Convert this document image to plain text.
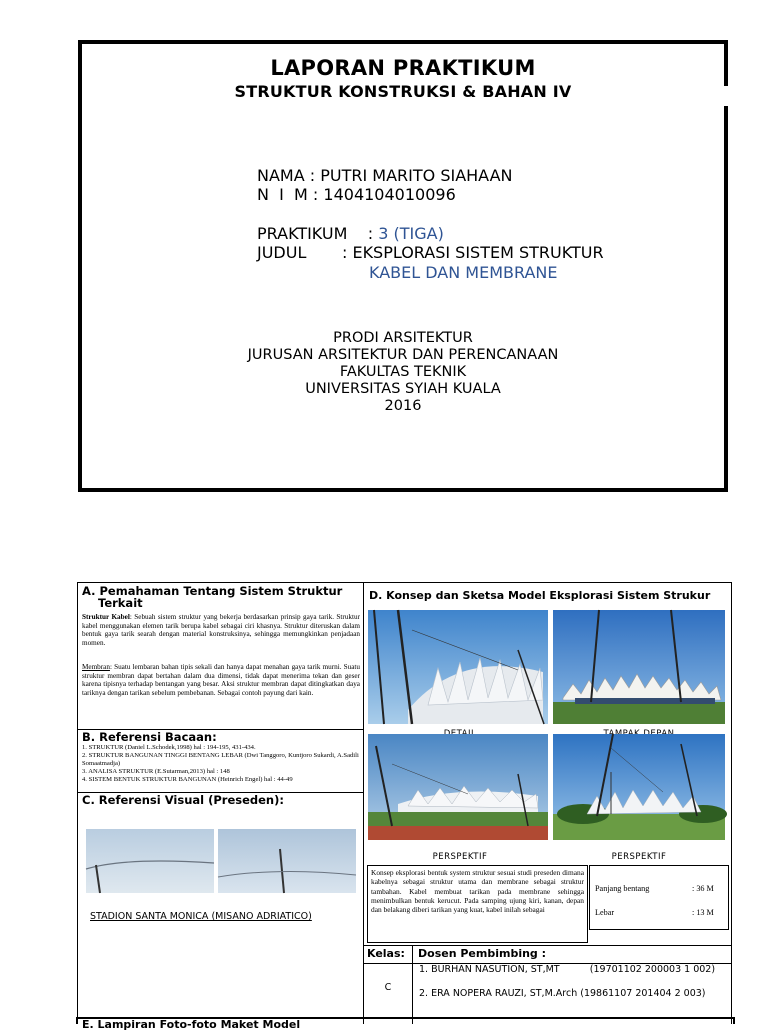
LAPORAN PRAKTIKUM
STRUKTUR KONSTRUKSI & BAHAN IV
NAMA : PUTRI MARITO SIAHAAN
N  I  M : 1404104010096
PRAKTIKUM    : 3 (TIGA)
JUDUL       : EKSPLORASI SISTEM STRUKTUR
KABEL DAN MEMBRANE
PRODI ARSITEKTUR
JURUSAN ARSITEKTUR DAN PERENCANAAN
FAKULTAS TEKNIK
UNIVERSITAS SYIAH KUALA
2016
A. Pemahaman Tentang Sistem Struktur
Terkait
Struktur Kabel: Sebuah sistem struktur yang bekerja berdasarkan prinsip gaya tarik. Struktur kabel menggunakan elemen tarik berupa kabel sebagai ciri khasnya. Struktur diteruskan dalam bentuk gaya tarik searah dengan material konstruksinya, sehingga memungkinkan penjadaan momen.
Membran: Suatu lembaran bahan tipis sekali dan hanya dapat menahan gaya tarik murni. Suatu struktur membran dapat bertahan dalam dua dimensi, tidak dapat menerima tekan dan geser karena tipisnya terhadap bentangan yang besar. Aksi struktur membran dapat ditingkatkan daya tariknya dengan tarikan sebelum pembebanan. Sebagai contoh payung dari kain.
B. Referensi Bacaan:
1. STRUKTUR (Daniel L.Schodek,1998) hal : 194-195, 431-434.
2. STRUKTUR BANGUNAN TINGGI BENTANG LEBAR (Dwi Tanggoro, Kuntjoro Sukardi, A.Sadili Somaatmadja)
3. ANALISA STRUKTUR (E.Sutarman,2013) hal : 148
4. SISTEM BENTUK STRUKTUR BANGUNAN (Heinrich Engel) hal : 44-49
C. Referensi Visual (Preseden):
STADION SANTA MONICA (MISANO ADRIATICO)
D. Konsep dan Sketsa Model Eksplorasi Sistem Strukur
PERSPEKTIF	PERSPEKTIF
Konsep eksplorasi bentuk system struktur sesuai studi preseden dimana kabelnya sebagai struktur utama dan membrane sebagai struktur tambahan. Kabel membuat tarikan pada membrane sehingga menimbulkan bentuk kerucut. Pada samping ujung kiri, kanan, depan dan belakang diberi tarikan yang kuat, kabel inilah sebagai
Panjang bentang	: 36 M
Lebar	: 13 M
Kelas:
C
Dosen Pembimbing :
1. BURHAN NASUTION, ST,MT          (19701102 200003 1 002)
2. ERA NOPERA RAUZI, ST,M.Arch (19861107 201404 2 003)
E. Lampiran Foto-foto Maket Model
